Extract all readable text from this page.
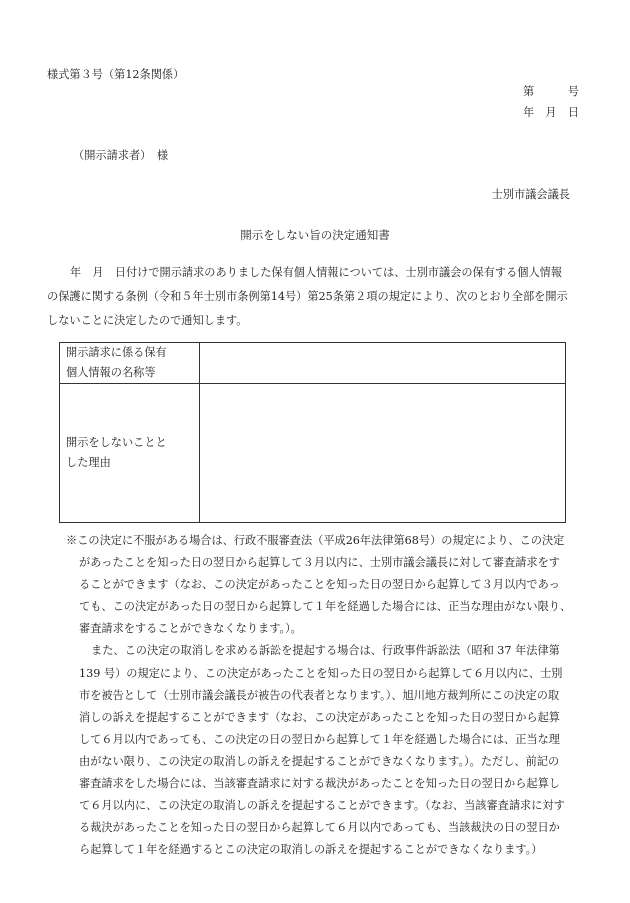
様式第３号（第12条関係）
第　　　号
年　月　日
（開示請求者）　様
士別市議会議長
開示をしない旨の決定通知書
年　月　日付けで開示請求のありました保有個人情報については、士別市議会の保有する個人情報
の保護に関する条例（令和５年士別市条例第14号）第25条第２項の規定により、次のとおり全部を開示
しないことに決定したので通知します。
開示請求に係る保有
個人情報の名称等	

開示をしないことと
した理由	

※この決定に不服がある場合は、行政不服審査法（平成26年法律第68号）の規定により、この決定
があったことを知った日の翌日から起算して３月以内に、士別市議会議長に対して審査請求をす
ることができます（なお、この決定があったことを知った日の翌日から起算して３月以内であっ
ても、この決定があった日の翌日から起算して１年を経過した場合には、正当な理由がない限り、
審査請求をすることができなくなります。）。
また、この決定の取消しを求める訴訟を提起する場合は、行政事件訴訟法（昭和 37 年法律第
139 号）の規定により、この決定があったことを知った日の翌日から起算して６月以内に、士別
市を被告として（士別市議会議長が被告の代表者となります。）、旭川地方裁判所にこの決定の取
消しの訴えを提起することができます（なお、この決定があったことを知った日の翌日から起算
して６月以内であっても、この決定の日の翌日から起算して１年を経過した場合には、正当な理
由がない限り、この決定の取消しの訴えを提起することができなくなります。）。ただし、前記の
審査請求をした場合には、当該審査請求に対する裁決があったことを知った日の翌日から起算し
て６月以内に、この決定の取消しの訴えを提起することができます。（なお、当該審査請求に対す
る裁決があったことを知った日の翌日から起算して６月以内であっても、当該裁決の日の翌日か
ら起算して１年を経過するとこの決定の取消しの訴えを提起することができなくなります。）
